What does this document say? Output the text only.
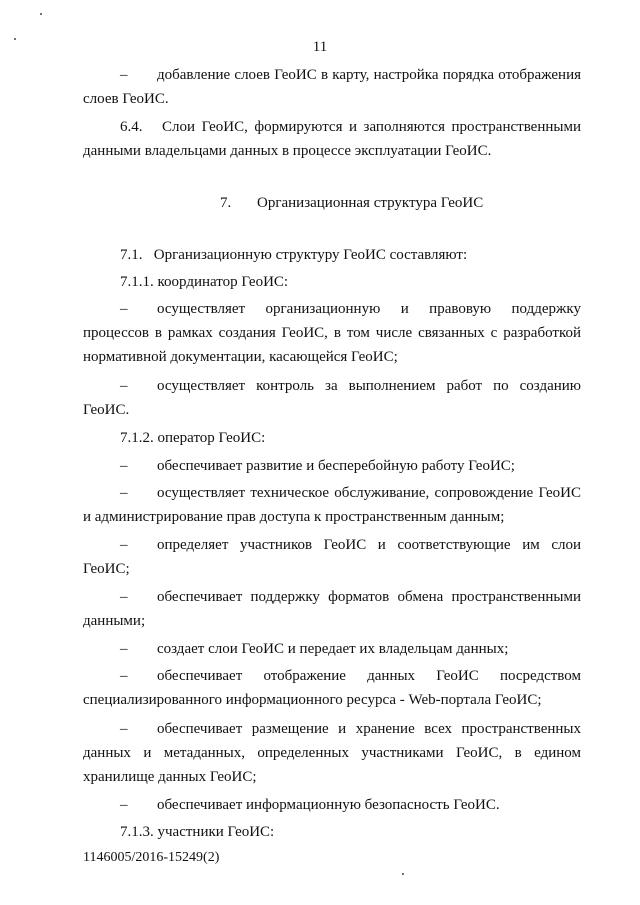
11
– добавление слоев ГеоИС в карту, настройка порядка отображения
слоев ГеоИС.
6.4.   Слои ГеоИС, формируются и заполняются пространственными
данными владельцами данных в процессе эксплуатации ГеоИС.
7. Организационная структура ГеоИС
7.1.   Организационную структуру ГеоИС составляют:
7.1.1. координатор ГеоИС:
– осуществляет организационную и правовую поддержку
процессов в рамках создания ГеоИС, в том числе связанных с разработкой
нормативной документации, касающейся ГеоИС;
– осуществляет контроль за выполнением работ по созданию
ГеоИС.
7.1.2. оператор ГеоИС:
– обеспечивает развитие и бесперебойную работу ГеоИС;
– осуществляет техническое обслуживание, сопровождение ГеоИС
и администрирование прав доступа к пространственным данным;
– определяет участников ГеоИС и соответствующие им слои
ГеоИС;
– обеспечивает поддержку форматов обмена пространственными
данными;
– создает слои ГеоИС и передает их владельцам данных;
– обеспечивает отображение данных ГеоИС посредством
специализированного информационного ресурса - Web-портала ГеоИС;
– обеспечивает размещение и хранение всех пространственных
данных и метаданных, определенных участниками ГеоИС, в едином
хранилище данных ГеоИС;
– обеспечивает информационную безопасность ГеоИС.
7.1.3. участники ГеоИС:
1146005/2016-15249(2)
